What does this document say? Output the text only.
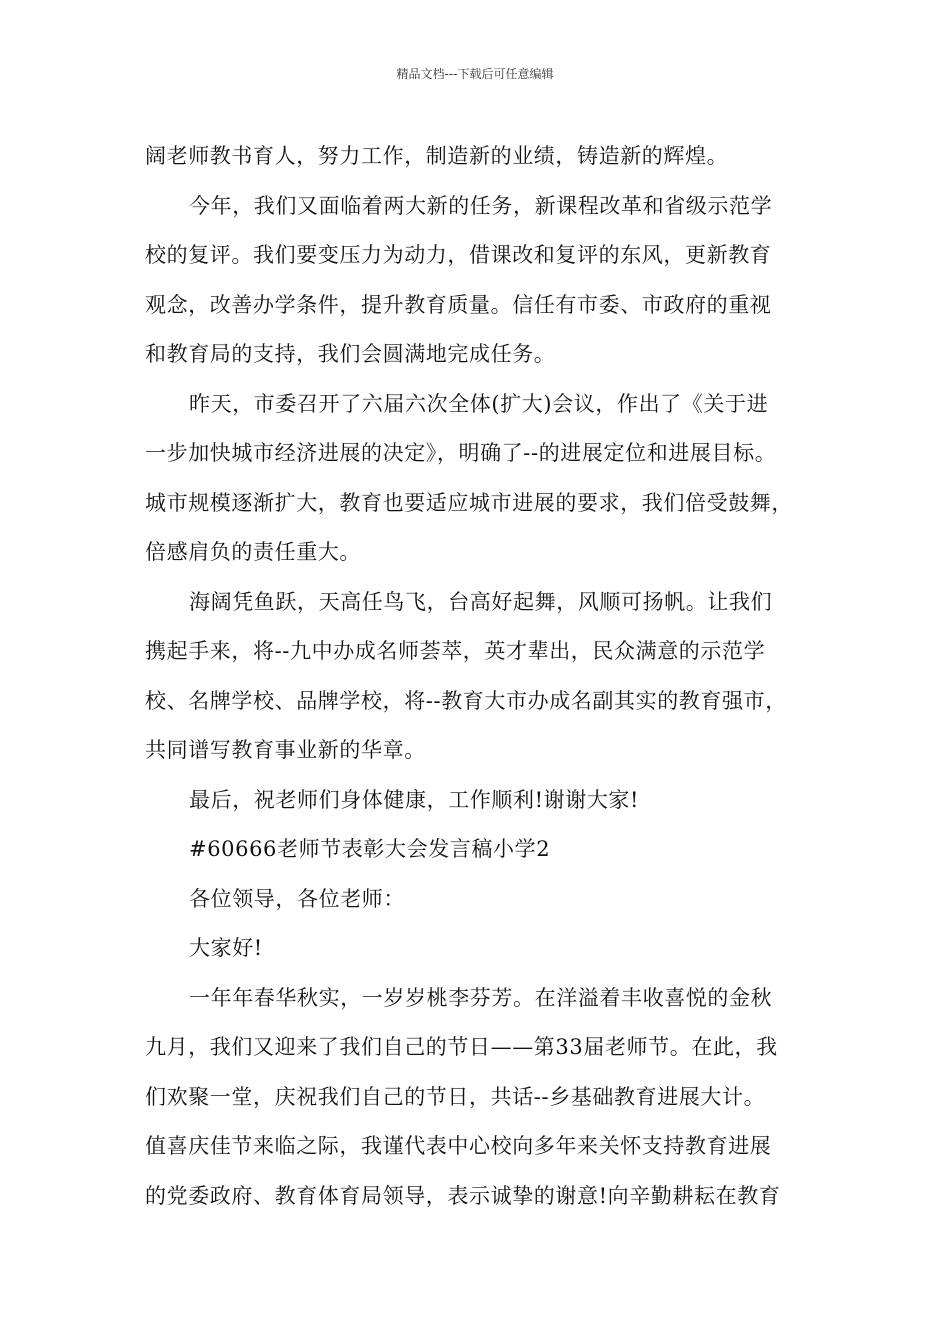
精品文档---下载后可任意编辑

阔老师教书育人，努力工作，制造新的业绩，铸造新的辉煌。

今年，我们又面临着两大新的任务，新课程改革和省级示范学
校的复评。我们要变压力为动力，借课改和复评的东风，更新教育
观念，改善办学条件，提升教育质量。信任有市委、市政府的重视
和教育局的支持，我们会圆满地完成任务。

昨天，市委召开了六届六次全体(扩大)会议，作出了《关于进
一步加快城市经济进展的决定》，明确了--的进展定位和进展目标。
城市规模逐渐扩大，教育也要适应城市进展的要求，我们倍受鼓舞，
倍感肩负的责任重大。

海阔凭鱼跃，天高任鸟飞，台高好起舞，风顺可扬帆。让我们
携起手来，将--九中办成名师荟萃，英才辈出，民众满意的示范学
校、名牌学校、品牌学校，将--教育大市办成名副其实的教育强市，
共同谱写教育事业新的华章。

最后，祝老师们身体健康，工作顺利!谢谢大家!

#60666老师节表彰大会发言稿小学2

各位领导，各位老师：

大家好!

一年年春华秋实，一岁岁桃李芬芳。在洋溢着丰收喜悦的金秋
九月，我们又迎来了我们自己的节日——第33届老师节。在此，我
们欢聚一堂，庆祝我们自己的节日，共话--乡基础教育进展大计。
值喜庆佳节来临之际，我谨代表中心校向多年来关怀支持教育进展
的党委政府、教育体育局领导，表示诚挚的谢意!向辛勤耕耘在教育
